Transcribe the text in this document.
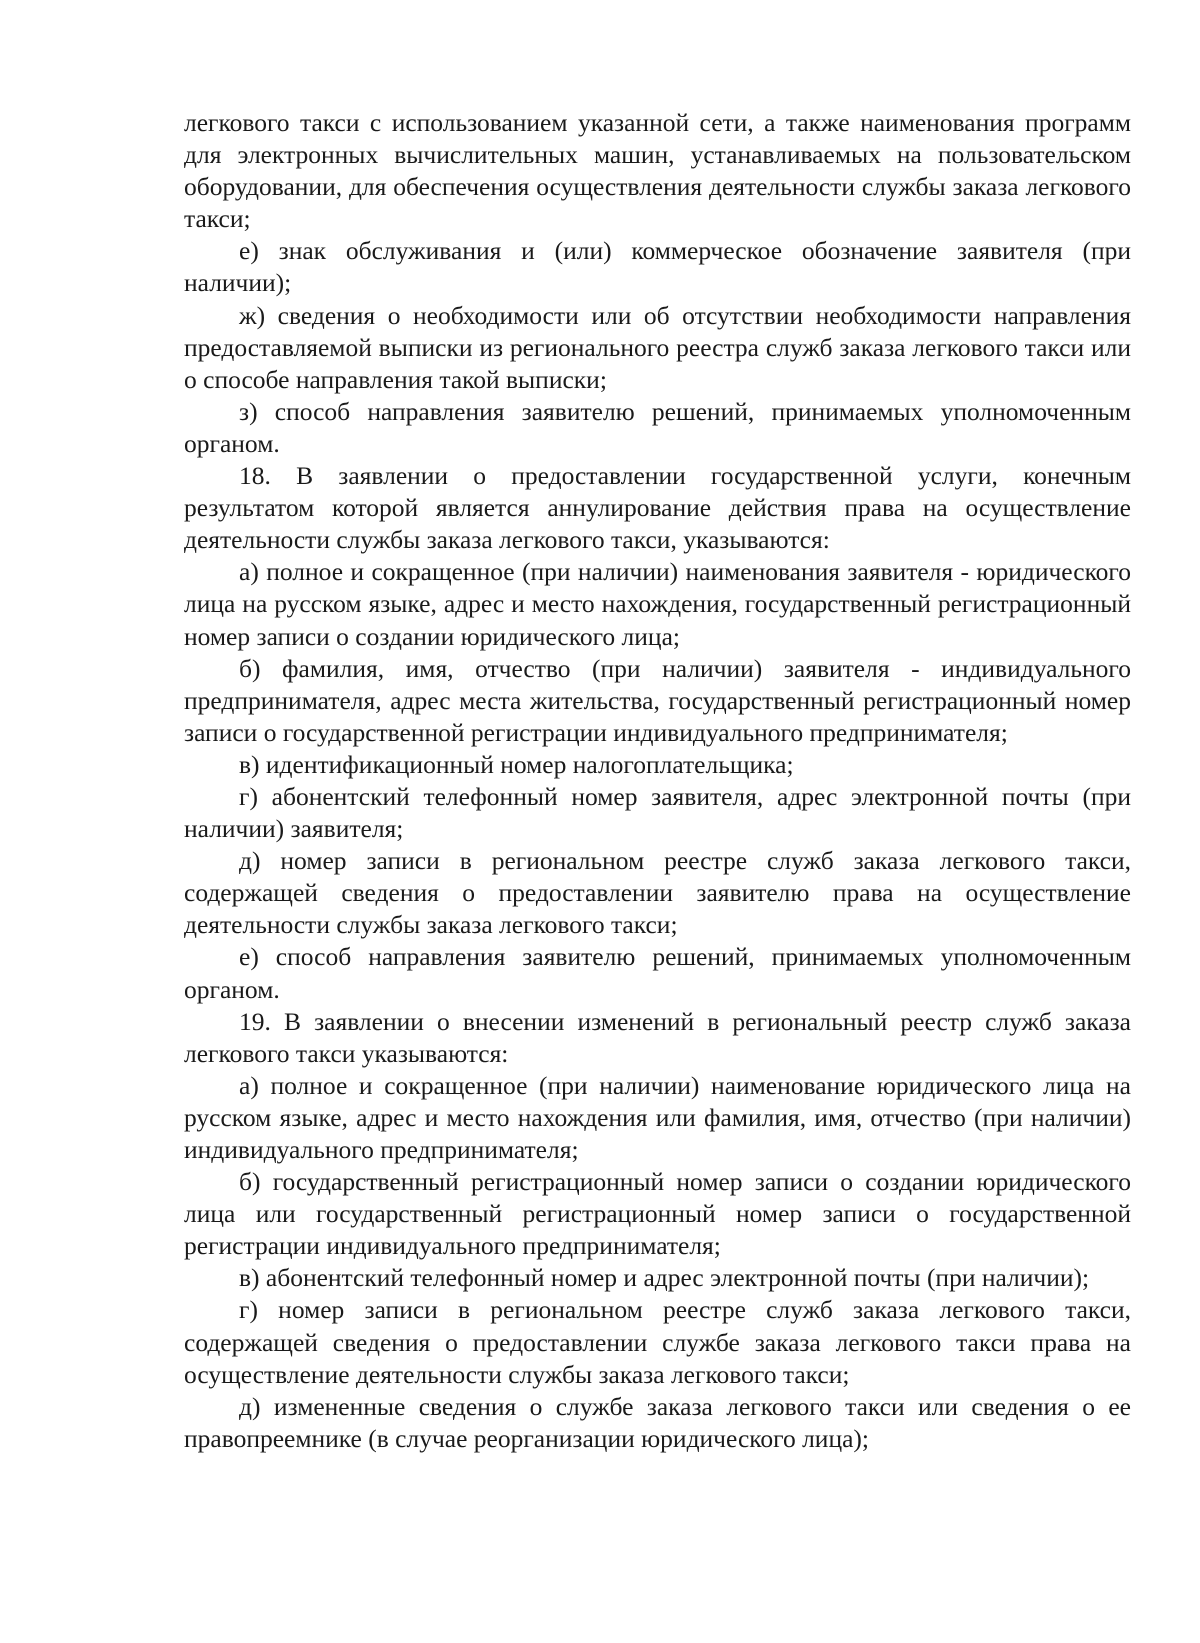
легкового такси с использованием указанной сети, а также наименования программ для электронных вычислительных машин, устанавливаемых на пользовательском оборудовании, для обеспечения осуществления деятельности службы заказа легкового такси;

е) знак обслуживания и (или) коммерческое обозначение заявителя (при наличии);

ж) сведения о необходимости или об отсутствии необходимости направления предоставляемой выписки из регионального реестра служб заказа легкового такси или о способе направления такой выписки;

з) способ направления заявителю решений, принимаемых уполномоченным органом.

18. В заявлении о предоставлении государственной услуги, конечным результатом которой является аннулирование действия права на осуществление деятельности службы заказа легкового такси, указываются:

а) полное и сокращенное (при наличии) наименования заявителя - юридического лица на русском языке, адрес и место нахождения, государственный регистрационный номер записи о создании юридического лица;

б) фамилия, имя, отчество (при наличии) заявителя - индивидуального предпринимателя, адрес места жительства, государственный регистрационный номер записи о государственной регистрации индивидуального предпринимателя;

в) идентификационный номер налогоплательщика;

г) абонентский телефонный номер заявителя, адрес электронной почты (при наличии) заявителя;

д) номер записи в региональном реестре служб заказа легкового такси, содержащей сведения о предоставлении заявителю права на осуществление деятельности службы заказа легкового такси;

е) способ направления заявителю решений, принимаемых уполномоченным органом.

19. В заявлении о внесении изменений в региональный реестр служб заказа легкового такси указываются:

а) полное и сокращенное (при наличии) наименование юридического лица на русском языке, адрес и место нахождения или фамилия, имя, отчество (при наличии) индивидуального предпринимателя;

б) государственный регистрационный номер записи о создании юридического лица или государственный регистрационный номер записи о государственной регистрации индивидуального предпринимателя;

в) абонентский телефонный номер и адрес электронной почты (при наличии);

г) номер записи в региональном реестре служб заказа легкового такси, содержащей сведения о предоставлении службе заказа легкового такси права на осуществление деятельности службы заказа легкового такси;

д) измененные сведения о службе заказа легкового такси или сведения о ее правопреемнике (в случае реорганизации юридического лица);
